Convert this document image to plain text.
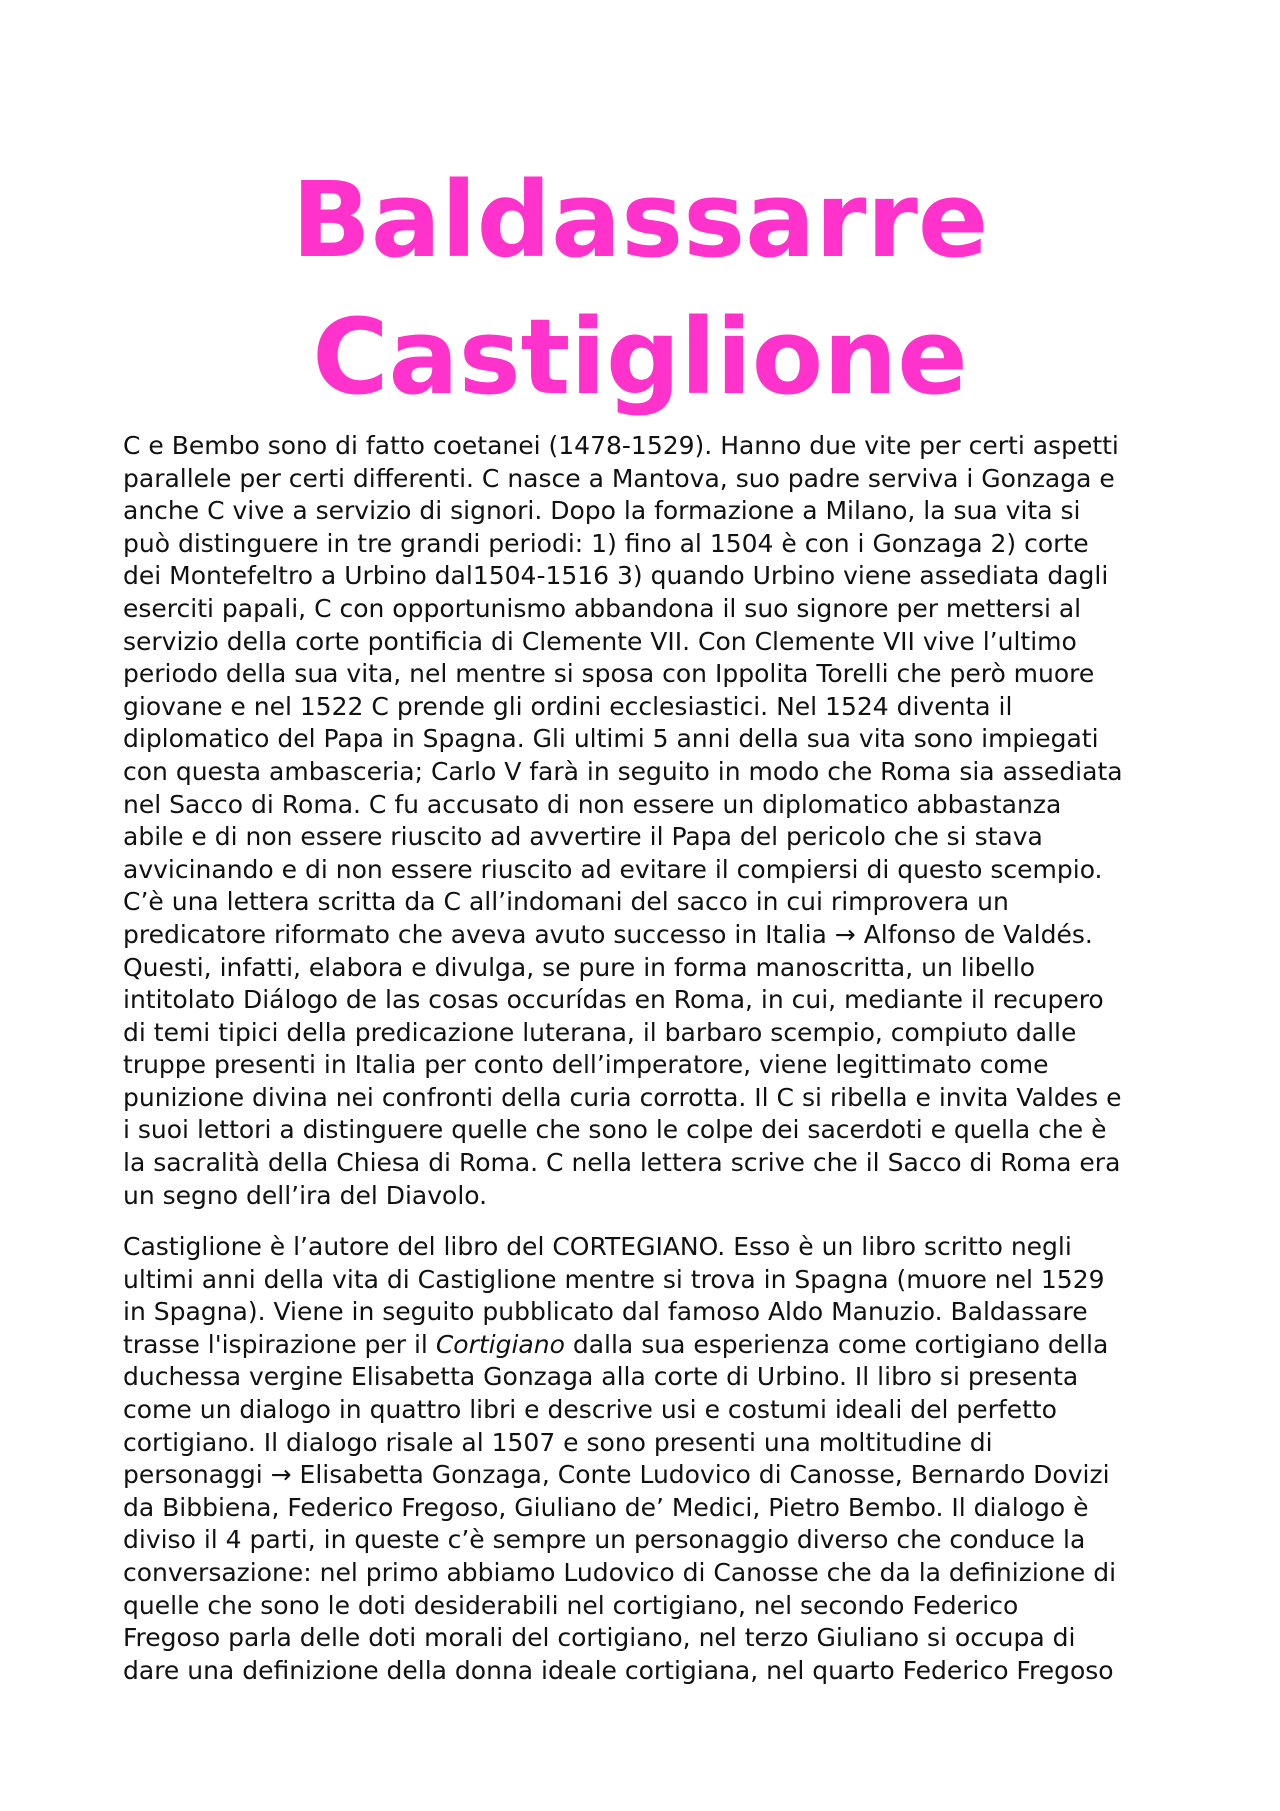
Baldassarre
Castiglione
C e Bembo sono di fatto coetanei (1478-1529). Hanno due vite per certi aspetti
parallele per certi differenti. C nasce a Mantova, suo padre serviva i Gonzaga e
anche C vive a servizio di signori. Dopo la formazione a Milano, la sua vita si
può distinguere in tre grandi periodi: 1) fino al 1504 è con i Gonzaga 2) corte
dei Montefeltro a Urbino dal1504-1516 3) quando Urbino viene assediata dagli
eserciti papali, C con opportunismo abbandona il suo signore per mettersi al
servizio della corte pontificia di Clemente VII. Con Clemente VII vive l’ultimo
periodo della sua vita, nel mentre si sposa con Ippolita Torelli che però muore
giovane e nel 1522 C prende gli ordini ecclesiastici. Nel 1524 diventa il
diplomatico del Papa in Spagna. Gli ultimi 5 anni della sua vita sono impiegati
con questa ambasceria; Carlo V farà in seguito in modo che Roma sia assediata
nel Sacco di Roma. C fu accusato di non essere un diplomatico abbastanza
abile e di non essere riuscito ad avvertire il Papa del pericolo che si stava
avvicinando e di non essere riuscito ad evitare il compiersi di questo scempio.
C’è una lettera scritta da C all’indomani del sacco in cui rimprovera un
predicatore riformato che aveva avuto successo in Italia → Alfonso de Valdés.
Questi, infatti, elabora e divulga, se pure in forma manoscritta, un libello
intitolato Diálogo de las cosas occurídas en Roma, in cui, mediante il recupero
di temi tipici della predicazione luterana, il barbaro scempio, compiuto dalle
truppe presenti in Italia per conto dell’imperatore, viene legittimato come
punizione divina nei confronti della curia corrotta. Il C si ribella e invita Valdes e
i suoi lettori a distinguere quelle che sono le colpe dei sacerdoti e quella che è
la sacralità della Chiesa di Roma. C nella lettera scrive che il Sacco di Roma era
un segno dell’ira del Diavolo.
Castiglione è l’autore del libro del CORTEGIANO. Esso è un libro scritto negli
ultimi anni della vita di Castiglione mentre si trova in Spagna (muore nel 1529
in Spagna). Viene in seguito pubblicato dal famoso Aldo Manuzio. Baldassare
trasse l'ispirazione per il Cortigiano dalla sua esperienza come cortigiano della
duchessa vergine Elisabetta Gonzaga alla corte di Urbino. Il libro si presenta
come un dialogo in quattro libri e descrive usi e costumi ideali del perfetto
cortigiano. Il dialogo risale al 1507 e sono presenti una moltitudine di
personaggi → Elisabetta Gonzaga, Conte Ludovico di Canosse, Bernardo Dovizi
da Bibbiena, Federico Fregoso, Giuliano de’ Medici, Pietro Bembo. Il dialogo è
diviso il 4 parti, in queste c’è sempre un personaggio diverso che conduce la
conversazione: nel primo abbiamo Ludovico di Canosse che da la definizione di
quelle che sono le doti desiderabili nel cortigiano, nel secondo Federico
Fregoso parla delle doti morali del cortigiano, nel terzo Giuliano si occupa di
dare una definizione della donna ideale cortigiana, nel quarto Federico Fregoso
